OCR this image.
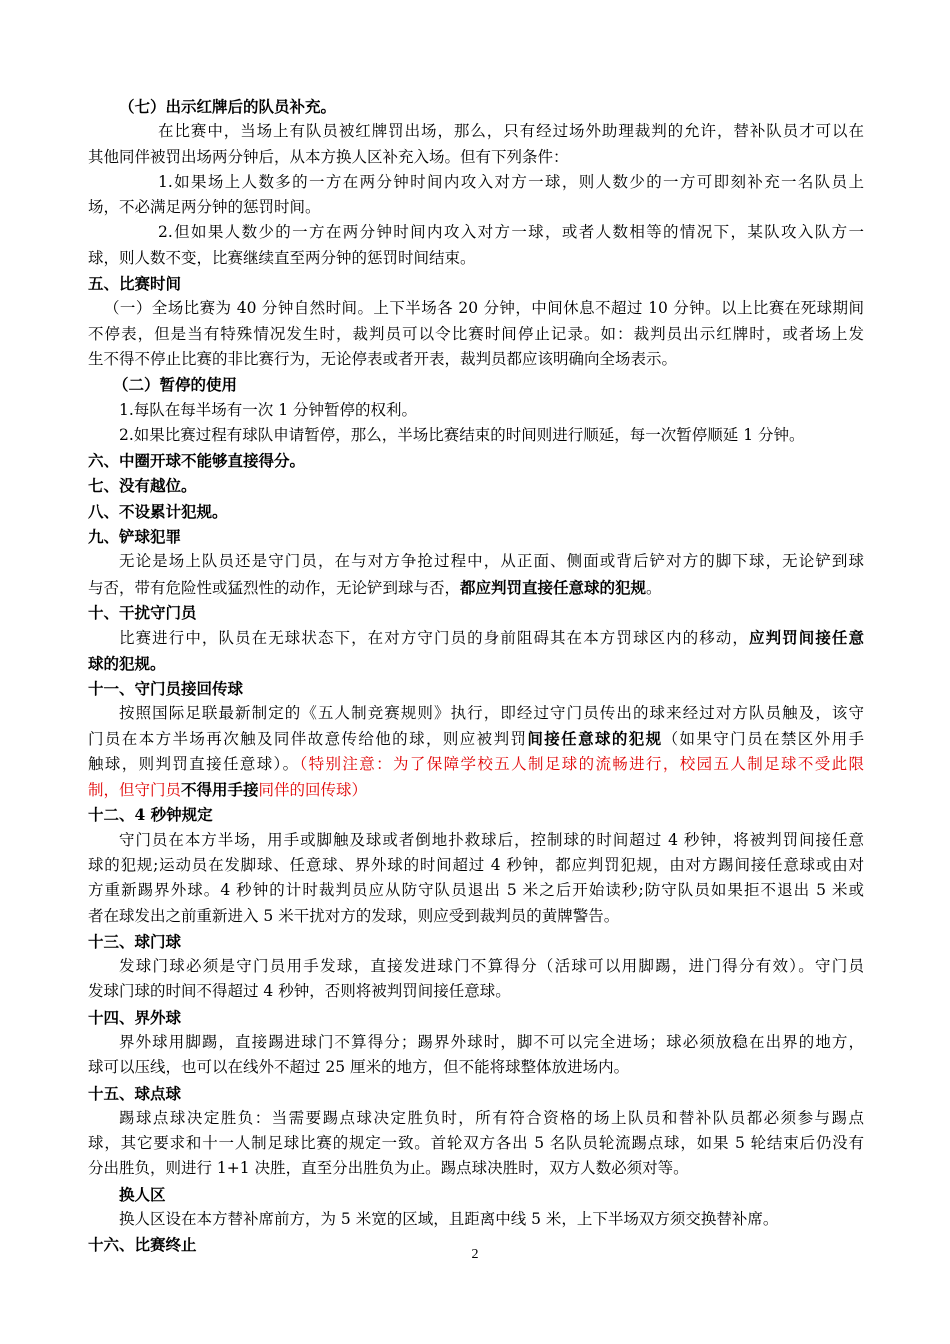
（七）出示红牌后的队员补充。
在比赛中，当场上有队员被红牌罚出场，那么，只有经过场外助理裁判的允许，替补队员才可以在
其他同伴被罚出场两分钟后，从本方换人区补充入场。但有下列条件：
1.如果场上人数多的一方在两分钟时间内攻入对方一球，则人数少的一方可即刻补充一名队员上
场，不必满足两分钟的惩罚时间。
2.但如果人数少的一方在两分钟时间内攻入对方一球，或者人数相等的情况下，某队攻入队方一
球，则人数不变，比赛继续直至两分钟的惩罚时间结束。
五、比赛时间
（一）全场比赛为 40 分钟自然时间。上下半场各 20 分钟，中间休息不超过 10 分钟。以上比赛在死球期间
不停表，但是当有特殊情况发生时，裁判员可以令比赛时间停止记录。如：裁判员出示红牌时，或者场上发
生不得不停止比赛的非比赛行为，无论停表或者开表，裁判员都应该明确向全场表示。
（二）暂停的使用
1.每队在每半场有一次 1 分钟暂停的权利。
2.如果比赛过程有球队申请暂停，那么，半场比赛结束的时间则进行顺延，每一次暂停顺延 1 分钟。
六、中圈开球不能够直接得分。
七、没有越位。
八、不设累计犯规。
九、铲球犯罪
无论是场上队员还是守门员，在与对方争抢过程中，从正面、侧面或背后铲对方的脚下球，无论铲到球
与否，带有危险性或猛烈性的动作，无论铲到球与否，都应判罚直接任意球的犯规。
十、干扰守门员
比赛进行中，队员在无球状态下，在对方守门员的身前阻碍其在本方罚球区内的移动，应判罚间接任意
球的犯规。
十一、守门员接回传球
按照国际足联最新制定的《五人制竞赛规则》执行，即经过守门员传出的球来经过对方队员触及，该守
门员在本方半场再次触及同伴故意传给他的球，则应被判罚间接任意球的犯规（如果守门员在禁区外用手
触球，则判罚直接任意球）。（特别注意：为了保障学校五人制足球的流畅进行，校园五人制足球不受此限
制，但守门员不得用手接同伴的回传球）
十二、4 秒钟规定
守门员在本方半场，用手或脚触及球或者倒地扑救球后，控制球的时间超过 4 秒钟，将被判罚间接任意
球的犯规;运动员在发脚球、任意球、界外球的时间超过 4 秒钟，都应判罚犯规，由对方踢间接任意球或由对
方重新踢界外球。4 秒钟的计时裁判员应从防守队员退出 5 米之后开始读秒;防守队员如果拒不退出 5 米或
者在球发出之前重新进入 5 米干扰对方的发球，则应受到裁判员的黄牌警告。
十三、球门球
发球门球必须是守门员用手发球，直接发进球门不算得分（活球可以用脚踢，进门得分有效）。守门员
发球门球的时间不得超过 4 秒钟，否则将被判罚间接任意球。
十四、界外球
界外球用脚踢，直接踢进球门不算得分；踢界外球时，脚不可以完全进场；球必须放稳在出界的地方，
球可以压线，也可以在线外不超过 25 厘米的地方，但不能将球整体放进场内。
十五、球点球
踢球点球决定胜负：当需要踢点球决定胜负时，所有符合资格的场上队员和替补队员都必须参与踢点
球，其它要求和十一人制足球比赛的规定一致。首轮双方各出 5 名队员轮流踢点球，如果 5 轮结束后仍没有
分出胜负，则进行 1+1 决胜，直至分出胜负为止。踢点球决胜时，双方人数必须对等。
换人区
换人区设在本方替补席前方，为 5 米宽的区域，且距离中线 5 米，上下半场双方须交换替补席。
十六、比赛终止
2
